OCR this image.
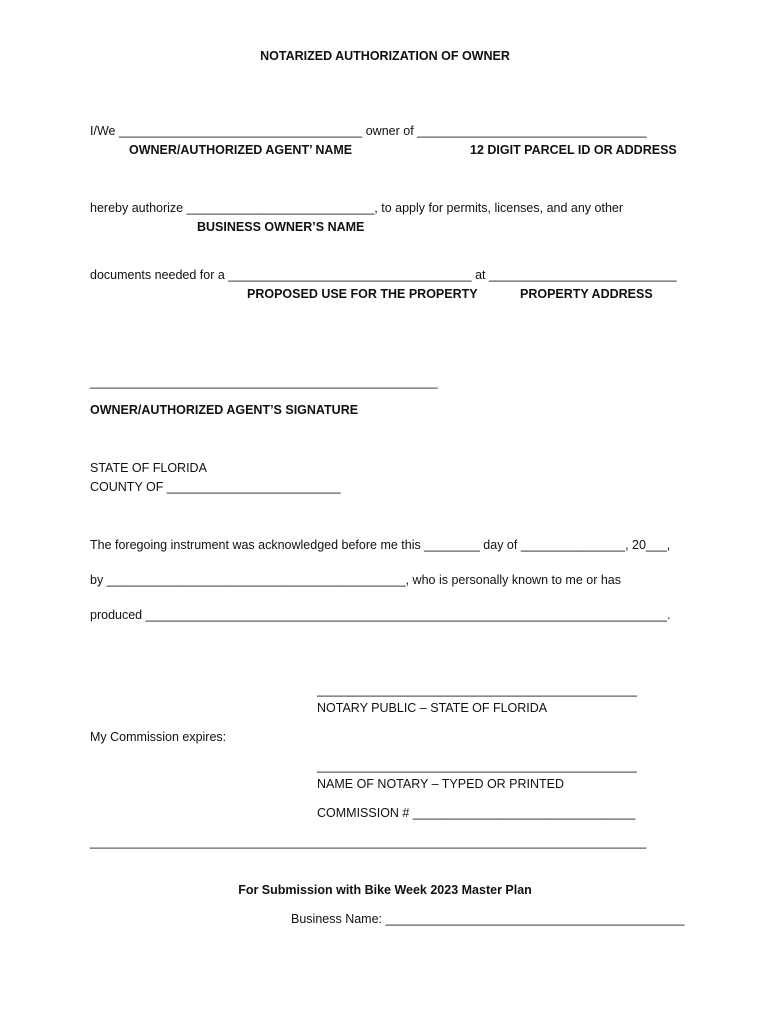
NOTARIZED AUTHORIZATION OF OWNER
I/We ___________________________________ owner of _________________________________
OWNER/AUTHORIZED AGENT’ NAME	12 DIGIT PARCEL ID OR ADDRESS
hereby authorize ___________________________, to apply for permits, licenses, and any other
BUSINESS OWNER’S NAME
documents needed for a ___________________________________ at ___________________________
PROPOSED USE FOR THE PROPERTY	PROPERTY ADDRESS
__________________________________________________
OWNER/AUTHORIZED AGENT’S SIGNATURE
STATE OF FLORIDA
COUNTY OF _________________________
The foregoing instrument was acknowledged before me this ________ day of _______________, 20___,
by ___________________________________________, who is personally known to me or has
produced ___________________________________________________________________________.
______________________________________________
NOTARY PUBLIC – STATE OF FLORIDA
My Commission expires:
______________________________________________
NAME OF NOTARY – TYPED OR PRINTED
COMMISSION # ________________________________
________________________________________________________________________________
For Submission with Bike Week 2023 Master Plan
Business Name: ___________________________________________
